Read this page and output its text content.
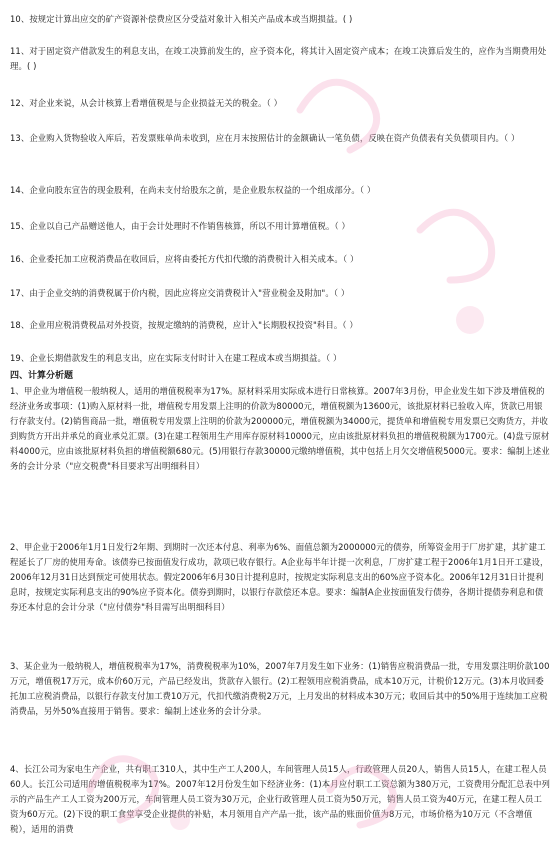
10、按规定计算出应交的矿产资源补偿费应区分受益对象计入相关产品成本或当期损益。( )

11、对于固定资产借款发生的利息支出，在竣工决算前发生的，应予资本化，将其计入固定资产成本；在竣工决算后发生的，应作为当期费用处理。( )

12、对企业来说，从会计核算上看增值税是与企业损益无关的税金。（ ）

13、企业购入货物验收入库后，若发票账单尚未收到，应在月末按照估计的金额确认一笔负债，反映在资产负债表有关负债项目内。（ ）

14、企业向股东宣告的现金股利，在尚未支付给股东之前，是企业股东权益的一个组成部分。（ ）

15、企业以自己产品赠送他人，由于会计处理时不作销售核算，所以不用计算增值税。（ ）

16、企业委托加工应税消费品在收回后，应将由委托方代扣代缴的消费税计入相关成本。（ ）

17、由于企业交纳的消费税属于价内税，因此应将应交消费税计入"营业税金及附加"。（ ）

18、企业用应税消费税品对外投资，按规定缴纳的消费税，应计入"长期股权投资"科目。（ ）

19、企业长期借款发生的利息支出，应在实际支付时计入在建工程成本或当期损益。（ ）

四、计算分析题

1、甲企业为增值税一般纳税人，适用的增值税税率为17%。原材料采用实际成本进行日常核算。2007年3月份，甲企业发生如下涉及增值税的经济业务或事项：(1)购入原材料一批，增值税专用发票上注明的价款为80000元，增值税额为13600元，该批原材料已验收入库，货款已用银行存款支付。(2)销售商品一批，增值税专用发票上注明的价款为200000元，增值税额为34000元，提货单和增值税专用发票已交购货方，并收到购货方开出并承兑的商业承兑汇票。(3)在建工程领用生产用库存原材料10000元，应由该批原材料负担的增值税税额为1700元。(4)盘亏原材料4000元，应由该批原材料负担的增值税额680元。(5)用银行存款30000元缴纳增值税，其中包括上月欠交增值税5000元。要求：编制上述业务的会计分录（"应交税费"科目要求写出明细科目）

2、甲企业于2006年1月1日发行2年期、到期时一次还本付息、利率为6%、面值总额为2000000元的债券，所筹资金用于厂房扩建，其扩建工程延长了厂房的使用寿命。该债券已按面值发行成功，款项已收存银行。A企业每半年计提一次利息，厂房扩建工程于2006年1月1日开工建设，2006年12月31日达到预定可使用状态。假定2006年6月30日计提利息时，按规定实际利息支出的60%应予资本化。2006年12月31日计提利息时，按规定实际利息支出的90%应予资本化。债券到期时，以银行存款偿还本息。要求：编制A企业按面值发行债券，各期计提债券利息和债券还本付息的会计分录（"应付债券"科目需写出明细科目）

3、某企业为一般纳税人，增值税税率为17%，消费税税率为10%，2007年7月发生如下业务：(1)销售应税消费品一批，专用发票注明价款100万元，增值税17万元，成本价60万元，产品已经发出，货款存入银行。(2)工程领用应税消费品，成本10万元，计税价12万元。(3)本月收回委托加工应税消费品，以银行存款支付加工费10万元，代扣代缴消费税2万元，上月发出的材料成本30万元；收回后其中的50%用于连续加工应税消费品，另外50%直接用于销售。要求：编制上述业务的会计分录。

4、长江公司为家电生产企业，共有职工310人，其中生产工人200人，车间管理人员15人，行政管理人员20人，销售人员15人，在建工程人员60人。长江公司适用的增值税税率为17%。2007年12月份发生如下经济业务：(1)本月应付职工工资总额为380万元，工资费用分配汇总表中列示的产品生产工人工资为200万元，车间管理人员工资为30万元，企业行政管理人员工资为50万元，销售人员工资为40万元，在建工程人员工资为60万元。(2)下设的职工食堂享受企业提供的补贴，本月领用自产产品一批，该产品的账面价值为8万元，市场价格为10万元（不含增值税），适用的消费
